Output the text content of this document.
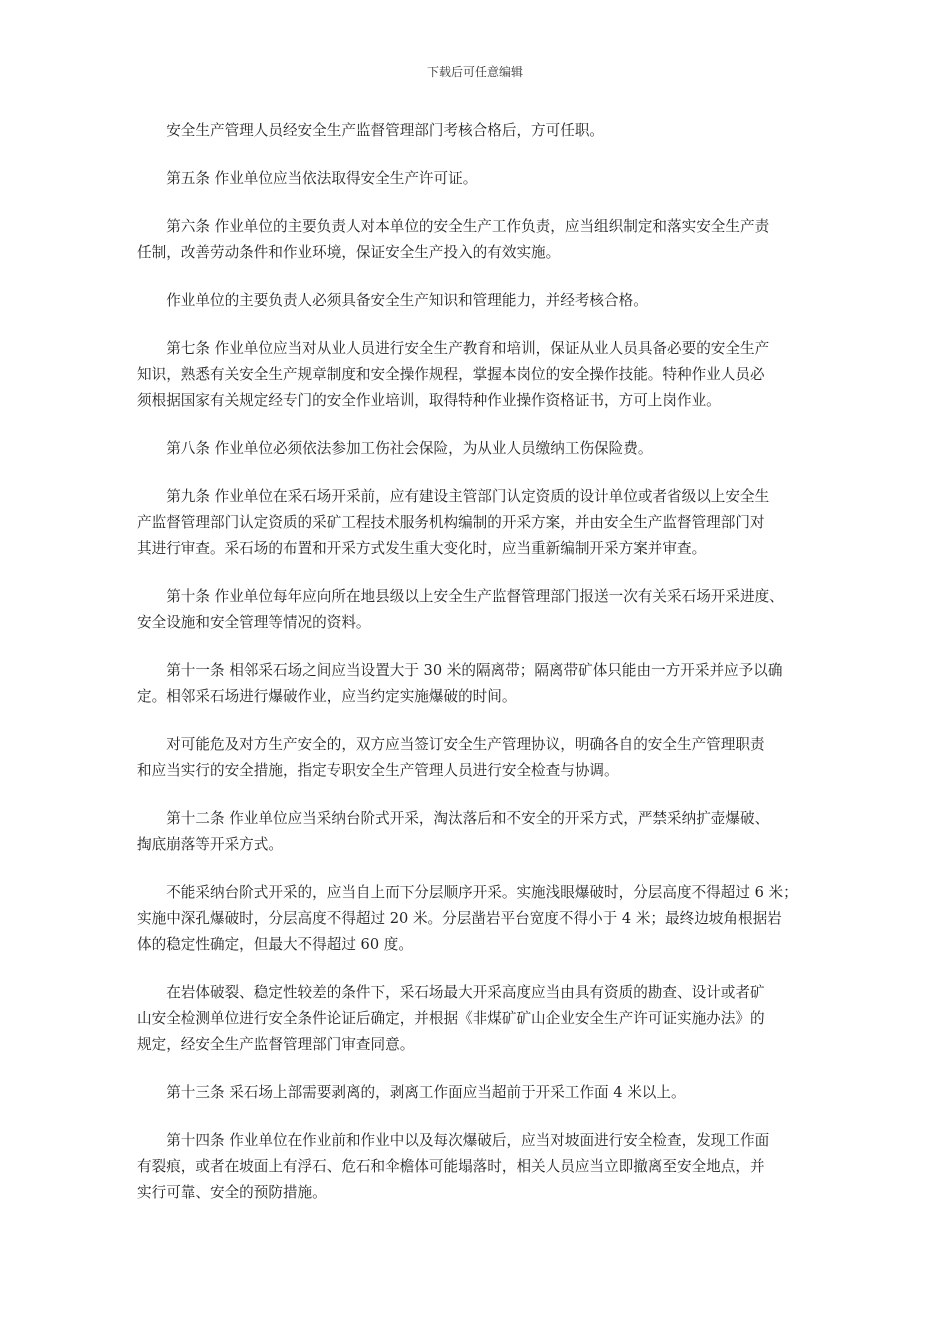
下载后可任意编辑
安全生产管理人员经安全生产监督管理部门考核合格后，方可任职。
第五条 作业单位应当依法取得安全生产许可证。
第六条 作业单位的主要负责人对本单位的安全生产工作负责，应当组织制定和落实安全生产责
任制，改善劳动条件和作业环境，保证安全生产投入的有效实施。
作业单位的主要负责人必须具备安全生产知识和管理能力，并经考核合格。
第七条 作业单位应当对从业人员进行安全生产教育和培训，保证从业人员具备必要的安全生产
知识，熟悉有关安全生产规章制度和安全操作规程，掌握本岗位的安全操作技能。特种作业人员必
须根据国家有关规定经专门的安全作业培训，取得特种作业操作资格证书，方可上岗作业。
第八条 作业单位必须依法参加工伤社会保险，为从业人员缴纳工伤保险费。
第九条 作业单位在采石场开采前，应有建设主管部门认定资质的设计单位或者省级以上安全生
产监督管理部门认定资质的采矿工程技术服务机构编制的开采方案，并由安全生产监督管理部门对
其进行审查。采石场的布置和开采方式发生重大变化时，应当重新编制开采方案并审查。
第十条 作业单位每年应向所在地县级以上安全生产监督管理部门报送一次有关采石场开采进度、
安全设施和安全管理等情况的资料。
第十一条 相邻采石场之间应当设置大于 30 米的隔离带；隔离带矿体只能由一方开采并应予以确
定。相邻采石场进行爆破作业，应当约定实施爆破的时间。
对可能危及对方生产安全的，双方应当签订安全生产管理协议，明确各自的安全生产管理职责
和应当实行的安全措施，指定专职安全生产管理人员进行安全检查与协调。
第十二条 作业单位应当采纳台阶式开采，淘汰落后和不安全的开采方式，严禁采纳扩壶爆破、
掏底崩落等开采方式。
不能采纳台阶式开采的，应当自上而下分层顺序开采。实施浅眼爆破时，分层高度不得超过 6 米；
实施中深孔爆破时，分层高度不得超过 20 米。分层凿岩平台宽度不得小于 4 米；最终边坡角根据岩
体的稳定性确定，但最大不得超过 60 度。
在岩体破裂、稳定性较差的条件下，采石场最大开采高度应当由具有资质的勘查、设计或者矿
山安全检测单位进行安全条件论证后确定，并根据《非煤矿矿山企业安全生产许可证实施办法》的
规定，经安全生产监督管理部门审查同意。
第十三条 采石场上部需要剥离的，剥离工作面应当超前于开采工作面 4 米以上。
第十四条 作业单位在作业前和作业中以及每次爆破后，应当对坡面进行安全检查，发现工作面
有裂痕，或者在坡面上有浮石、危石和伞檐体可能塌落时，相关人员应当立即撤离至安全地点，并
实行可靠、安全的预防措施。
